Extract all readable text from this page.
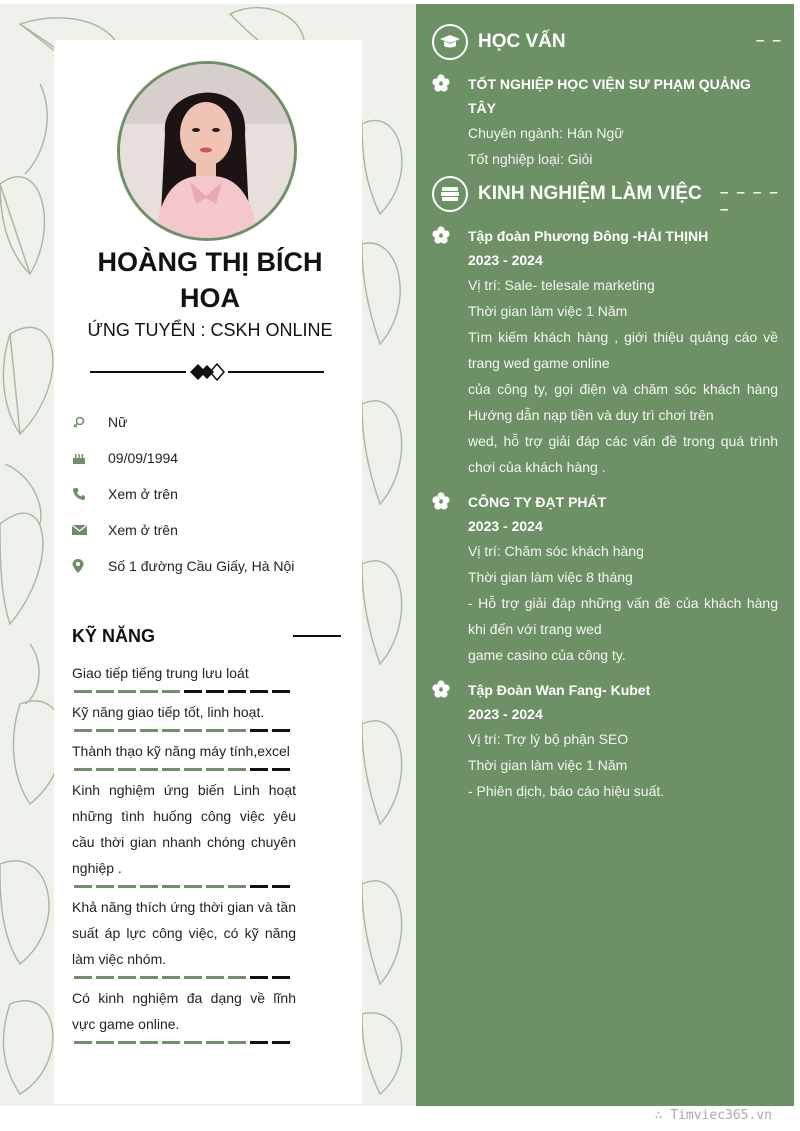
HỌC VẤN	– –
TỐT NGHIỆP HỌC VIỆN SƯ PHẠM QUẢNG TÂY
Chuyên ngành: Hán Ngữ
Tốt nghiệp loại: Giỏi
KINH NGHIỆM LÀM VIỆC – – – – –
Tập đoàn Phương Đông -HẢI THỊNH
2023 - 2024
Vị trí: Sale- telesale marketing
Thời gian làm việc 1 Năm
Tìm kiếm khách hàng , giới thiệu quảng cáo về trang wed game online
của công ty, gọi điện và chăm sóc khách hàng Hướng dẫn nạp tiền và duy trì chơi trên
wed, hỗ trợ giải đáp các vấn đề trong quá trình chơi của khách hàng .
CÔNG TY ĐẠT PHÁT
2023 - 2024
Vị trí: Chăm sóc khách hàng
Thời gian làm việc 8 tháng
- Hỗ trợ giải đáp những vấn đề của khách hàng khi đến với trang wed
game casino của công ty.
Tập Đoàn Wan Fang- Kubet
2023 - 2024
Vị trí: Trợ lý bộ phận SEO
Thời gian làm việc 1 Năm
- Phiên dịch, báo cáo hiệu suất.
HOÀNG THỊ BÍCH HOA
ỨNG TUYỂN : CSKH ONLINE
Nữ
09/09/1994
Xem ở trên
Xem ở trên
Số 1 đường Cầu Giấy, Hà Nội
KỸ NĂNG
Giao tiếp tiếng trung lưu loát
Kỹ năng giao tiếp tốt, linh hoạt.
Thành thạo kỹ năng máy tính,excel
Kinh nghiệm ứng biến Linh hoạt những tình huống công việc yêu cầu thời gian nhanh chóng chuyên nghiệp .
Khả năng thích ứng thời gian và tần suất áp lực công việc, có kỹ năng làm việc nhóm.
Có kinh nghiệm đa dạng về lĩnh vực game online.
∴ Timviec365.vn
